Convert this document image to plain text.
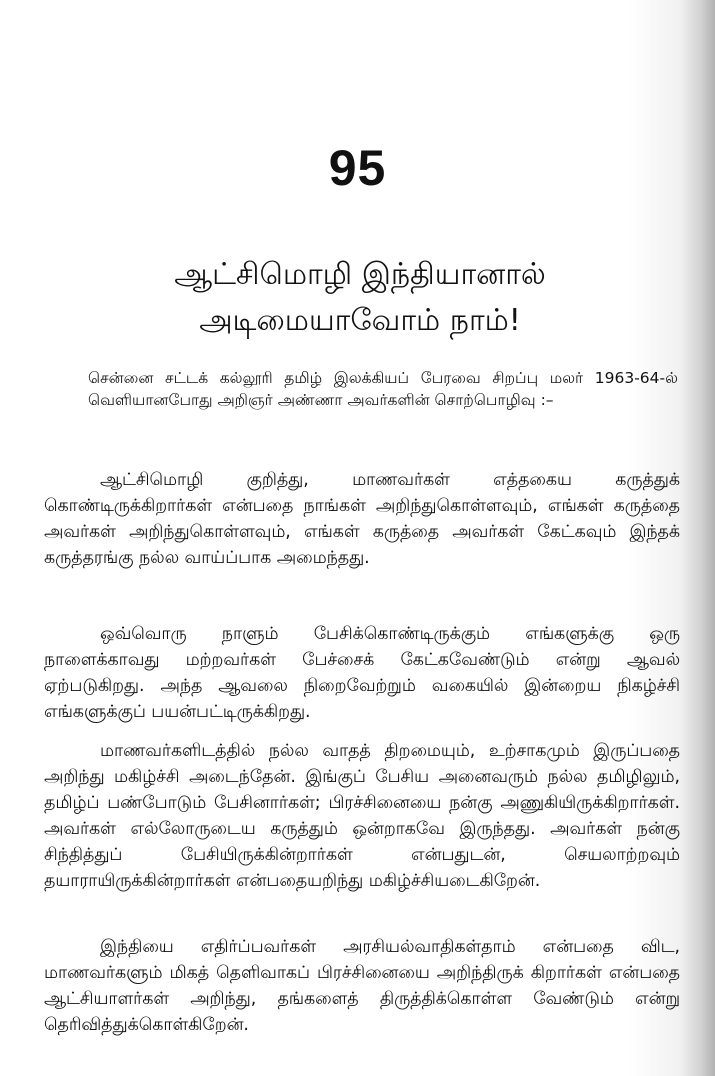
95
ஆட்சிமொழி இந்தியானால்
அடிமையாவோம் நாம்!
சென்னை சட்டக் கல்லூரி தமிழ் இலக்கியப் பேரவை சிறப்பு மலர் 1963-64-ல் வெளியானபோது அறிஞர் அண்ணா அவர்களின் சொற்பொழிவு :–

ஆட்சிமொழி குறித்து, மாணவர்கள் எத்தகைய கருத்துக் கொண்டிருக்கிறார்கள் என்பதை நாங்கள் அறிந்துகொள்ளவும், எங்கள் கருத்தை அவர்கள் அறிந்துகொள்ளவும், எங்கள் கருத்தை அவர்கள் கேட்கவும் இந்தக் கருத்தரங்கு நல்ல வாய்ப்பாக அமைந்தது.

ஒவ்வொரு நாளும் பேசிக்கொண்டிருக்கும் எங்களுக்கு ஒரு நாளைக்காவது மற்றவர்கள் பேச்சைக் கேட்கவேண்டும் என்று ஆவல் ஏற்படுகிறது. அந்த ஆவலை நிறைவேற்றும் வகையில் இன்றைய நிகழ்ச்சி எங்களுக்குப் பயன்பட்டிருக்கிறது.

மாணவர்களிடத்தில் நல்ல வாதத் திறமையும், உற்சாகமும் இருப்பதை அறிந்து மகிழ்ச்சி அடைந்தேன். இங்குப் பேசிய அனைவரும் நல்ல தமிழிலும், தமிழ்ப் பண்போடும் பேசினார்கள்; பிரச்சினையை நன்கு அணுகியிருக்கிறார்கள். அவர்கள் எல்லோருடைய கருத்தும் ஒன்றாகவே இருந்தது. அவர்கள் நன்கு சிந்தித்துப் பேசியிருக்கின்றார்கள் என்பதுடன், செயலாற்றவும் தயாராயிருக்கின்றார்கள் என்பதையறிந்து மகிழ்ச்சியடைகிறேன்.

இந்தியை எதிர்ப்பவர்கள் அரசியல்வாதிகள்தாம் என்பதை விட, மாணவர்களும் மிகத் தெளிவாகப் பிரச்சினையை அறிந்திருக் கிறார்கள் என்பதை ஆட்சியாளர்கள் அறிந்து, தங்களைத் திருத்திக்கொள்ள வேண்டும் என்று தெரிவித்துக்கொள்கிறேன்.
